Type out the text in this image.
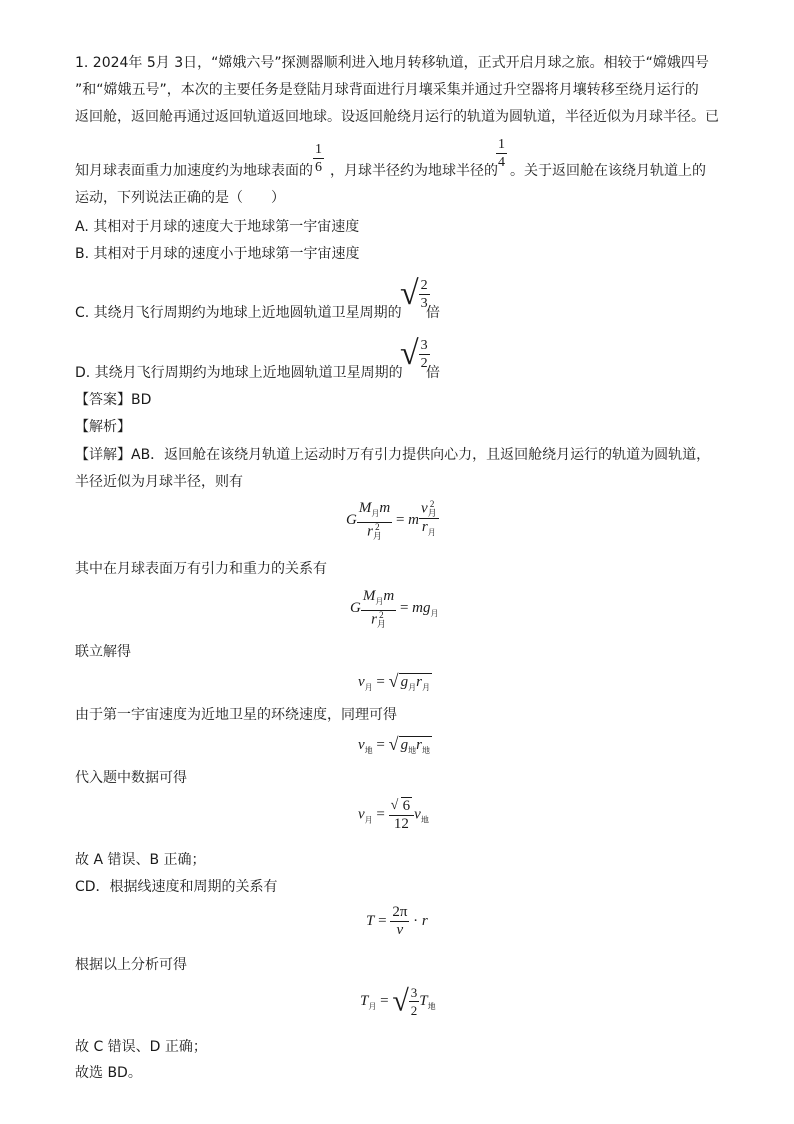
1. 2024年 5月 3日，“嫦娥六号”探测器顺利进入地月转移轨道，正式开启月球之旅。相较于“嫦娥四号
”和“嫦娥五号”，本次的主要任务是登陆月球背面进行月壤采集并通过升空器将月壤转移至绕月运行的
返回舱，返回舱再通过返回轨道返回地球。设返回舱绕月运行的轨道为圆轨道，半径近似为月球半径。已
知月球表面重力加速度约为地球表面的 $\frac{1}{6}$ ，月球半径约为地球半径的
$\frac{1}{4}$ 。关于返回舱在该绕月轨道上的
运动，下列说法正确的是（　　）
A. 其相对于月球的速度大于地球第一宇宙速度
B. 其相对于月球的速度小于地球第一宇宙速度
C. 其绕月飞行周期约为地球上近地圆轨道卫星周期的
√ $\frac{2}{3}$
倍
D. 其绕月飞行周期约为地球上近地圆轨道卫星周期的
√ $\frac{3}{2}$
倍
【答案】BD
【解析】
【详解】AB．返回舱在该绕月轨道上运动时万有引力提供向心力，且返回舱绕月运行的轨道为圆轨道，
半径近似为月球半径，则有
G $M_月m$
r 2
月 = m v 2
月
$r_月$
其中在月球表面万有引力和重力的关系有
G $M_月m$
r 2
月 = $mg_月$
联立解得
$v_月$ = √ $g_月r_月$
由于第一宇宙速度为近地卫星的环绕速度，同理可得
$v_地$ = √ $g_地r_地$
代入题中数据可得
$v_月 = \frac{√ 6}{12} v_地$
故 A 错误、B 正确；
CD．根据线速度和周期的关系有
$T = \frac{2\pi}{v} \cdot r$
根据以上分析可得
$T_月$ = √ $\frac{3}{2} T_地$
故 C 错误、D 正确；
故选 BD。
